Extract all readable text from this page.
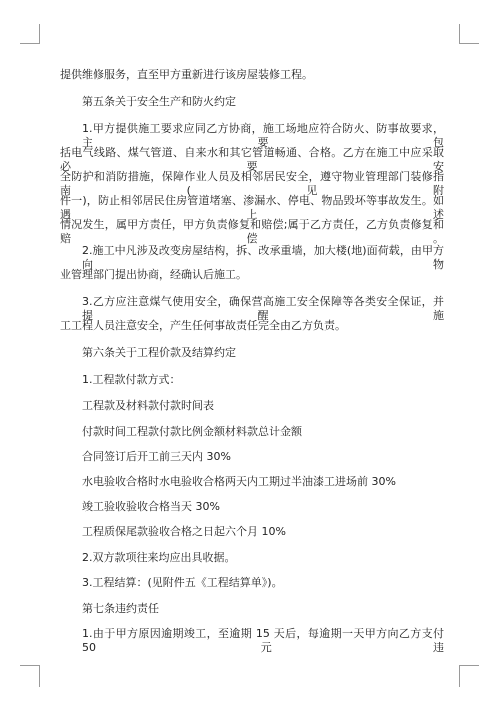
提供维修服务，直至甲方重新进行该房屋装修工程。
第五条关于安全生产和防火约定
1.甲方提供施工要求应同乙方协商，施工场地应符合防火、防事故要求，主要包
括电气线路、煤气管道、自来水和其它管道畅通、合格。乙方在施工中应采取必要安
全防护和消防措施，保障作业人员及相邻居民安全，遵守物业管理部门装修指南(见附
件一)，防止相邻居民住房管道堵塞、渗漏水、停电、物品毁坏等事故发生。如遇上述
情况发生，属甲方责任，甲方负责修复和赔偿;属于乙方责任，乙方负责修复和赔偿。
2.施工中凡涉及改变房屋结构，拆、改承重墙，加大楼(地)面荷载，由甲方向物
业管理部门提出协商，经确认后施工。
3.乙方应注意煤气使用安全，确保营高施工安全保障等各类安全保证，并提醒施
工工程人员注意安全，产生任何事故责任完全由乙方负责。
第六条关于工程价款及结算约定
1.工程款付款方式：
工程款及材料款付款时间表
付款时间工程款付款比例金额材料款总计金额
合同签订后开工前三天内 30%
水电验收合格时水电验收合格两天内工期过半油漆工进场前 30%
竣工验收验收合格当天 30%
工程质保尾款验收合格之日起六个月 10%
2.双方款项往来均应出具收据。
3.工程结算：(见附件五《工程结算单》)。
第七条违约责任
1.由于甲方原因逾期竣工，至逾期 15 天后，每逾期一天甲方向乙方支付 50 元违
